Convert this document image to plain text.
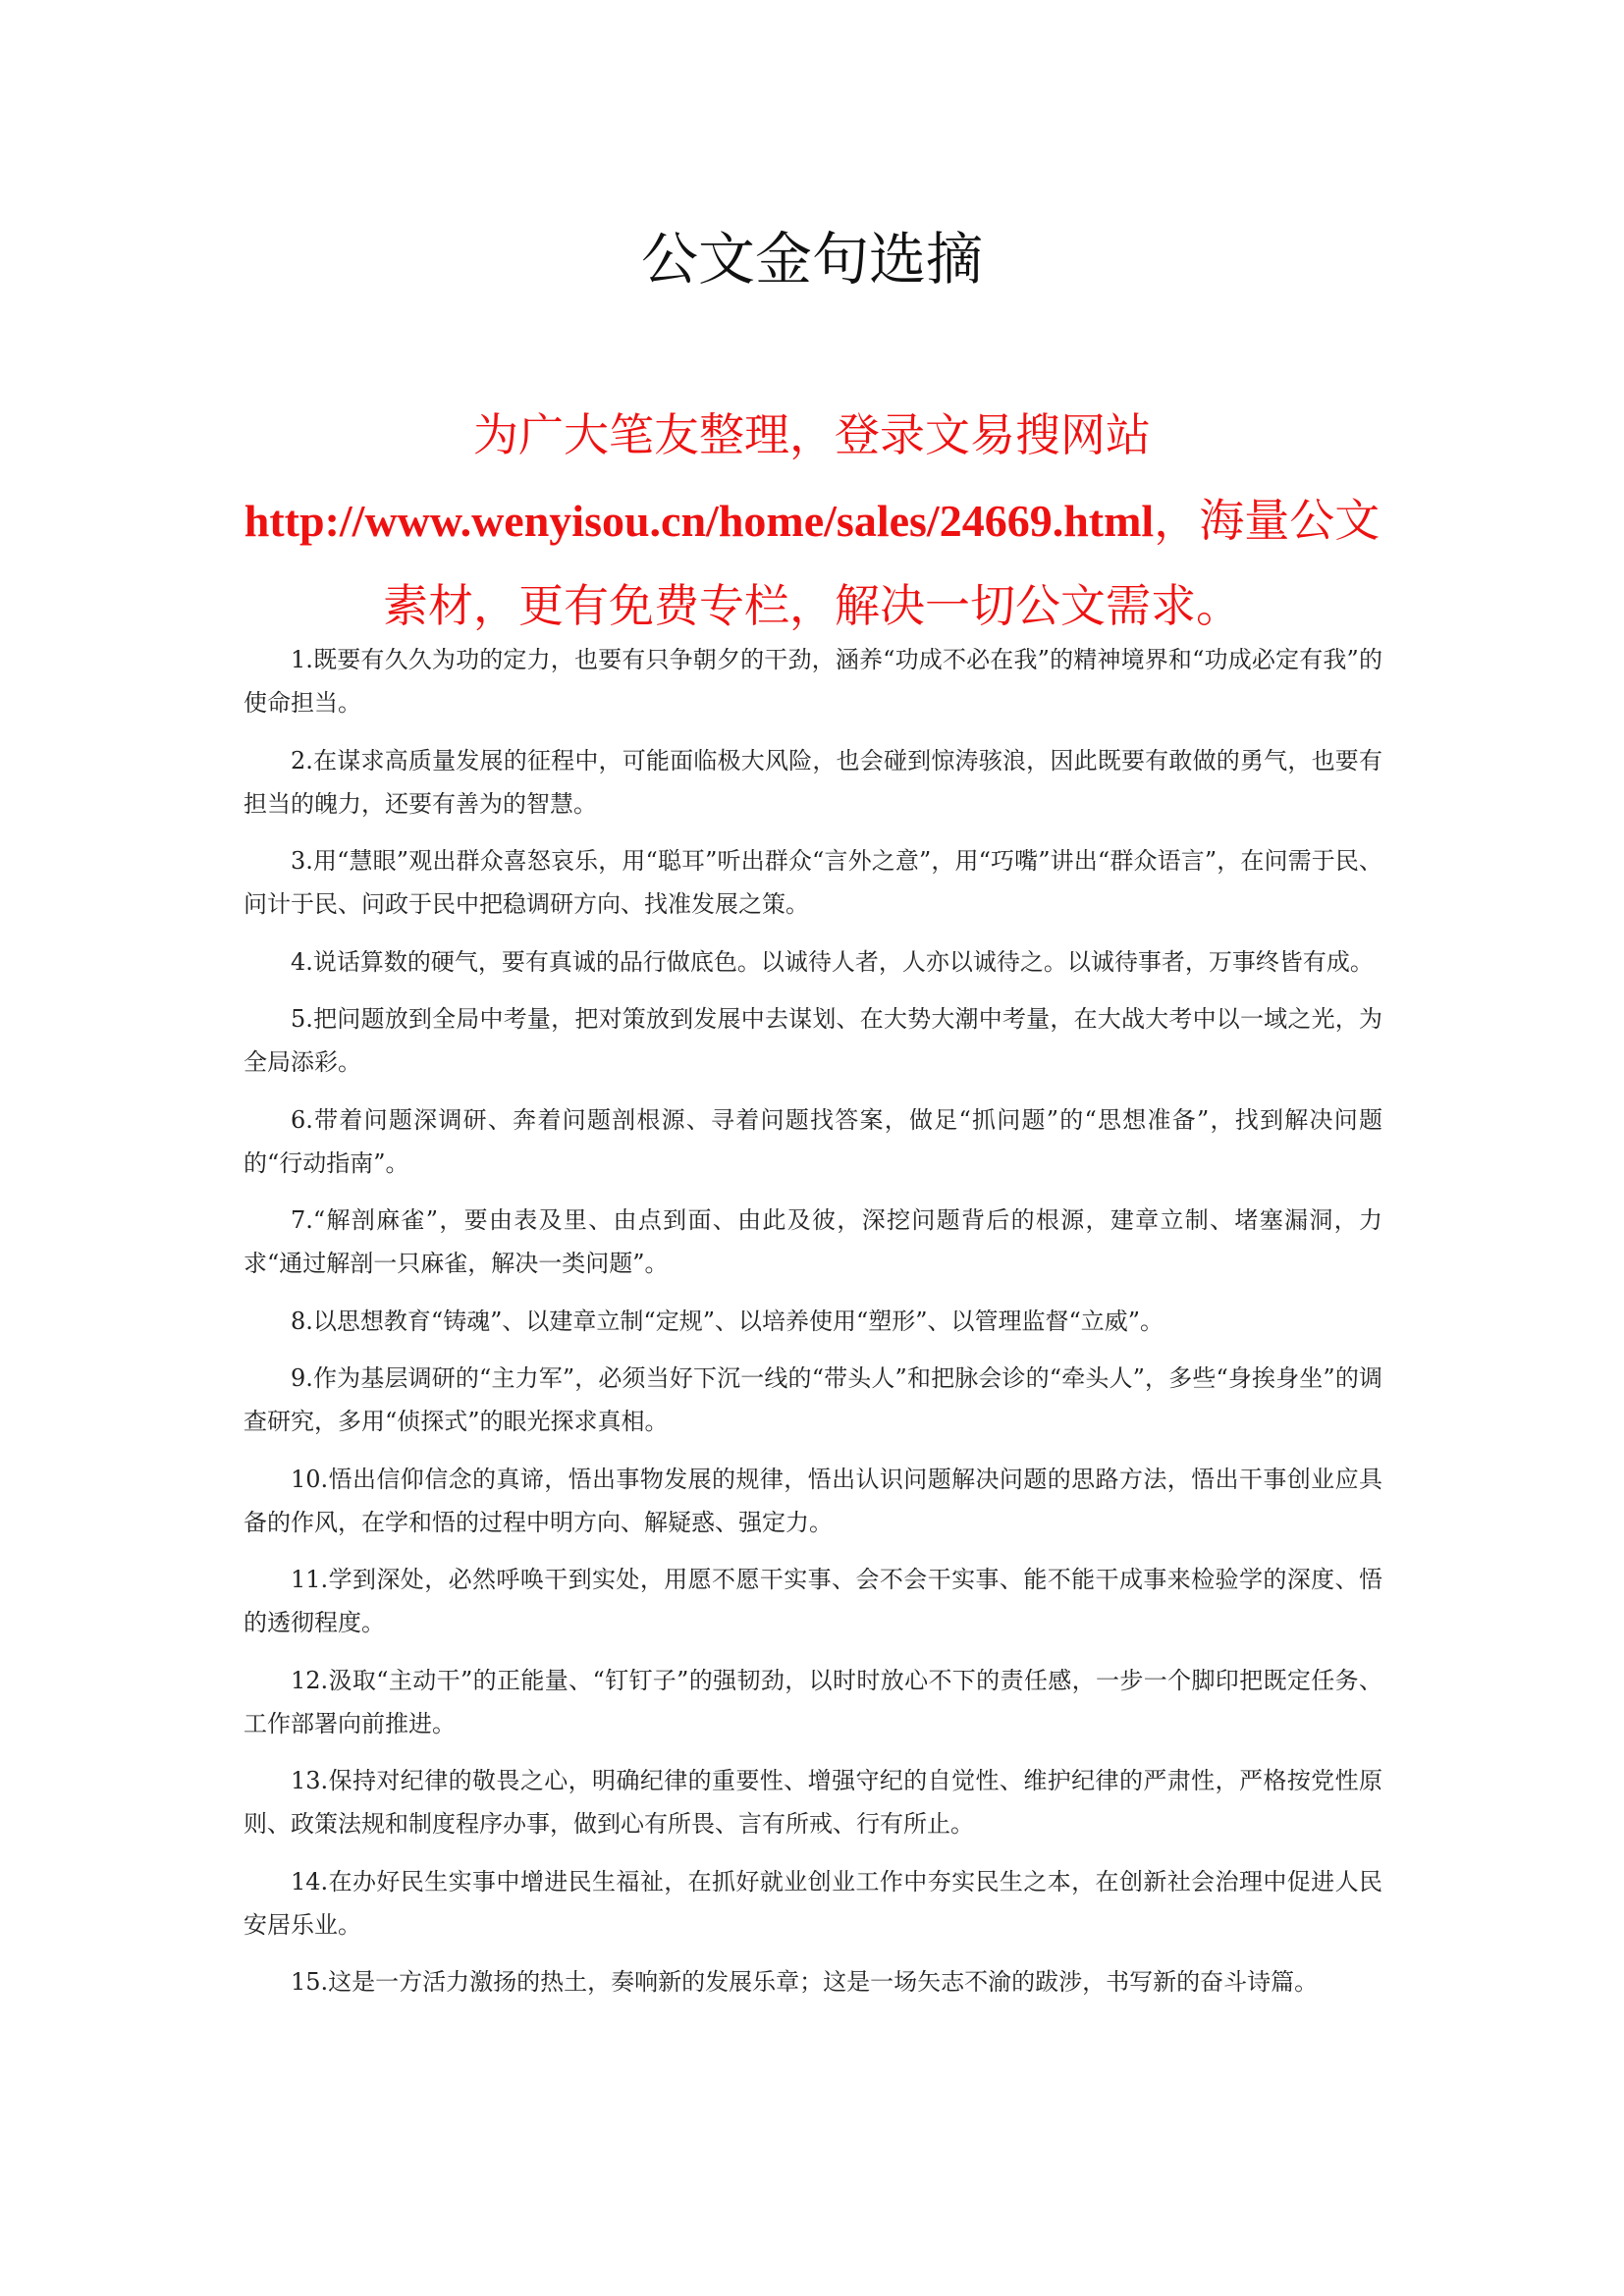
公文金句选摘

为广大笔友整理，登录文易搜网站http://www.wenyisou.cn/home/sales/24669.html，海量公文素材，更有免费专栏，解决一切公文需求。

1.既要有久久为功的定力，也要有只争朝夕的干劲，涵养“功成不必在我”的精神境界和“功成必定有我”的使命担当。
2.在谋求高质量发展的征程中，可能面临极大风险，也会碰到惊涛骇浪，因此既要有敢做的勇气，也要有担当的魄力，还要有善为的智慧。
3.用“慧眼”观出群众喜怒哀乐，用“聪耳”听出群众“言外之意”，用“巧嘴”讲出“群众语言”，在问需于民、问计于民、问政于民中把稳调研方向、找准发展之策。
4.说话算数的硬气，要有真诚的品行做底色。以诚待人者，人亦以诚待之。以诚待事者，万事终皆有成。
5.把问题放到全局中考量，把对策放到发展中去谋划、在大势大潮中考量，在大战大考中以一域之光，为全局添彩。
6.带着问题深调研、奔着问题剖根源、寻着问题找答案，做足“抓问题”的“思想准备”，找到解决问题的“行动指南”。
7.“解剖麻雀”，要由表及里、由点到面、由此及彼，深挖问题背后的根源，建章立制、堵塞漏洞，力求“通过解剖一只麻雀，解决一类问题”。
8.以思想教育“铸魂”、以建章立制“定规”、以培养使用“塑形”、以管理监督“立威”。
9.作为基层调研的“主力军”，必须当好下沉一线的“带头人”和把脉会诊的“牵头人”，多些“身挨身坐”的调查研究，多用“侦探式”的眼光探求真相。
10.悟出信仰信念的真谛，悟出事物发展的规律，悟出认识问题解决问题的思路方法，悟出干事创业应具备的作风，在学和悟的过程中明方向、解疑惑、强定力。
11.学到深处，必然呼唤干到实处，用愿不愿干实事、会不会干实事、能不能干成事来检验学的深度、悟的透彻程度。
12.汲取“主动干”的正能量、“钉钉子”的强韧劲，以时时放心不下的责任感，一步一个脚印把既定任务、工作部署向前推进。
13.保持对纪律的敬畏之心，明确纪律的重要性、增强守纪的自觉性、维护纪律的严肃性，严格按党性原则、政策法规和制度程序办事，做到心有所畏、言有所戒、行有所止。
14.在办好民生实事中增进民生福祉，在抓好就业创业工作中夯实民生之本，在创新社会治理中促进人民安居乐业。
15.这是一方活力激扬的热土，奏响新的发展乐章；这是一场矢志不渝的跋涉，书写新的奋斗诗篇。
